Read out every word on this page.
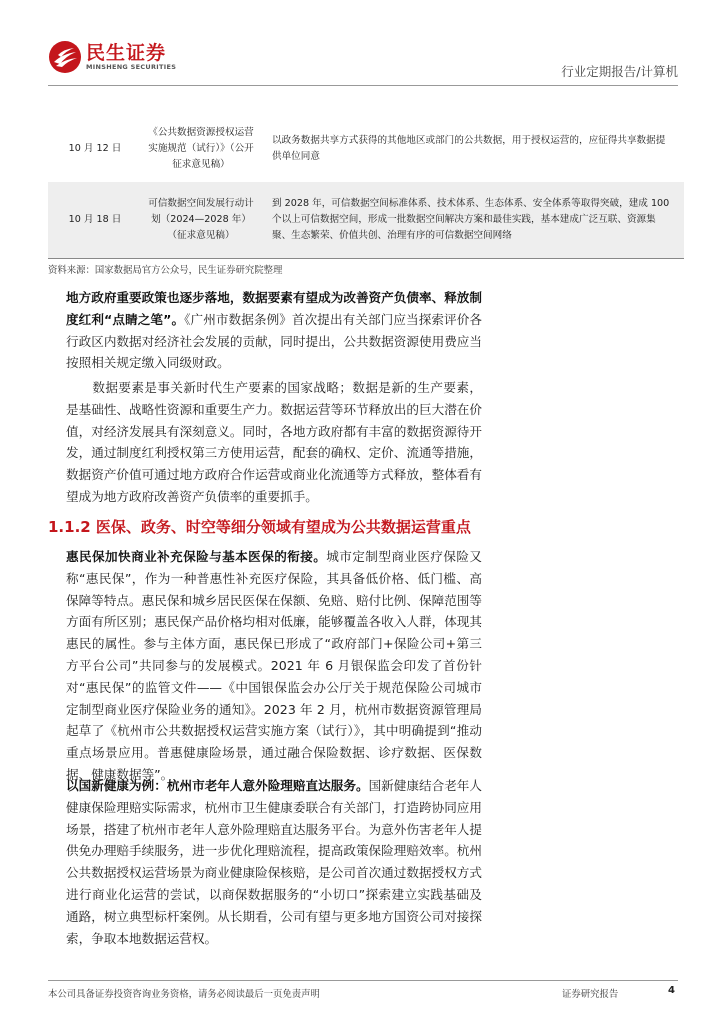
民生证券
MINSHENG SECURITIES	行业定期报告/计算机
10 月 12 日	《公共数据资源授权运营实施规范（试行）》（公开征求意见稿）	以政务数据共享方式获得的其他地区或部门的公共数据，用于授权运营的，应征得共享数据提供单位同意
10 月 18 日	可信数据空间发展行动计划（2024—2028 年）（征求意见稿）	到 2028 年，可信数据空间标准体系、技术体系、生态体系、安全体系等取得突破，建成 100 个以上可信数据空间，形成一批数据空间解决方案和最佳实践，基本建成广泛互联、资源集聚、生态繁荣、价值共创、治理有序的可信数据空间网络
资料来源：国家数据局官方公众号，民生证券研究院整理
地方政府重要政策也逐步落地，数据要素有望成为改善资产负债率、释放制度红利“点睛之笔”。《广州市数据条例》首次提出有关部门应当探索评价各行政区内数据对经济社会发展的贡献，同时提出，公共数据资源使用费应当按照相关规定缴入同级财政。
数据要素是事关新时代生产要素的国家战略；数据是新的生产要素，是基础性、战略性资源和重要生产力。数据运营等环节释放出的巨大潜在价值，对经济发展具有深刻意义。同时，各地方政府都有丰富的数据资源待开发，通过制度红利授权第三方使用运营，配套的确权、定价、流通等措施，数据资产价值可通过地方政府合作运营或商业化流通等方式释放，整体看有望成为地方政府改善资产负债率的重要抓手。
1.1.2 医保、政务、时空等细分领域有望成为公共数据运营重点
惠民保加快商业补充保险与基本医保的衔接。城市定制型商业医疗保险又称“惠民保”，作为一种普惠性补充医疗保险，其具备低价格、低门槛、高保障等特点。惠民保和城乡居民医保在保额、免赔、赔付比例、保障范围等方面有所区别；惠民保产品价格均相对低廉，能够覆盖各收入人群，体现其惠民的属性。参与主体方面，惠民保已形成了“政府部门+保险公司+第三方平台公司”共同参与的发展模式。2021 年 6 月银保监会印发了首份针对“惠民保”的监管文件——《中国银保监会办公厅关于规范保险公司城市定制型商业医疗保险业务的通知》。2023 年 2 月，杭州市数据资源管理局起草了《杭州市公共数据授权运营实施方案（试行）》，其中明确提到“推动重点场景应用。普惠健康险场景，通过融合保险数据、诊疗数据、医保数据、健康数据等”。
以国新健康为例：杭州市老年人意外险理赔直达服务。国新健康结合老年人健康保险理赔实际需求，杭州市卫生健康委联合有关部门，打造跨协同应用场景，搭建了杭州市老年人意外险理赔直达服务平台。为意外伤害老年人提供免办理赔手续服务，进一步优化理赔流程，提高政策保险理赔效率。杭州公共数据授权运营场景为商业健康险保核赔，是公司首次通过数据授权方式进行商业化运营的尝试，以商保数据服务的“小切口”探索建立实践基础及通路，树立典型标杆案例。从长期看，公司有望与更多地方国资公司对接探索，争取本地数据运营权。
本公司具备证券投资咨询业务资格，请务必阅读最后一页免责声明	证券研究报告	4
